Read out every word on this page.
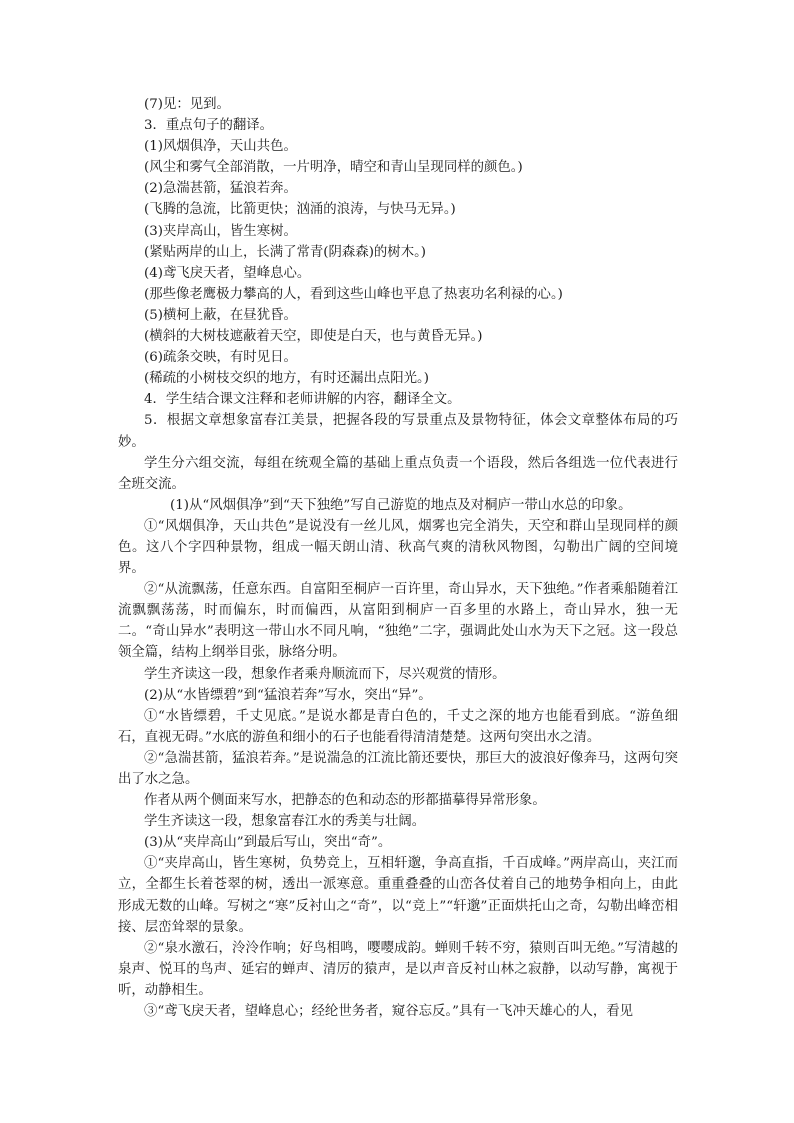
(7)见：见到。

3．重点句子的翻译。

(1)风烟俱净，天山共色。

(风尘和雾气全部消散，一片明净，晴空和青山呈现同样的颜色。)

(2)急湍甚箭，猛浪若奔。

(飞腾的急流，比箭更快；汹涌的浪涛，与快马无异。)

(3)夹岸高山，皆生寒树。

(紧贴两岸的山上，长满了常青(阴森森)的树木。)

(4)鸢飞戾天者，望峰息心。

(那些像老鹰极力攀高的人，看到这些山峰也平息了热衷功名利禄的心。)

(5)横柯上蔽，在昼犹昏。

(横斜的大树枝遮蔽着天空，即使是白天，也与黄昏无异。)

(6)疏条交映，有时见日。

(稀疏的小树枝交织的地方，有时还漏出点阳光。)

4．学生结合课文注释和老师讲解的内容，翻译全文。

5．根据文章想象富春江美景，把握各段的写景重点及景物特征，体会文章整体布局的巧妙。

学生分六组交流，每组在统观全篇的基础上重点负责一个语段，然后各组选一位代表进行全班交流。

(1)从“风烟俱净”到“天下独绝”写自己游览的地点及对桐庐一带山水总的印象。

①“风烟俱净，天山共色”是说没有一丝儿风，烟雾也完全消失，天空和群山呈现同样的颜色。这八个字四种景物，组成一幅天朗山清、秋高气爽的清秋风物图，勾勒出广阔的空间境界。

②“从流飘荡，任意东西。自富阳至桐庐一百许里，奇山异水，天下独绝。”作者乘船随着江流飘飘荡荡，时而偏东，时而偏西，从富阳到桐庐一百多里的水路上，奇山异水，独一无二。“奇山异水”表明这一带山水不同凡响，“独绝”二字，强调此处山水为天下之冠。这一段总领全篇，结构上纲举目张，脉络分明。

学生齐读这一段，想象作者乘舟顺流而下，尽兴观赏的情形。

(2)从“水皆缥碧”到“猛浪若奔”写水，突出“异”。

①“水皆缥碧，千丈见底。”是说水都是青白色的，千丈之深的地方也能看到底。“游鱼细石，直视无碍。”水底的游鱼和细小的石子也能看得清清楚楚。这两句突出水之清。

②“急湍甚箭，猛浪若奔。”是说湍急的江流比箭还要快，那巨大的波浪好像奔马，这两句突出了水之急。

作者从两个侧面来写水，把静态的色和动态的形都描摹得异常形象。

学生齐读这一段，想象富春江水的秀美与壮阔。

(3)从“夹岸高山”到最后写山，突出“奇”。

①“夹岸高山，皆生寒树，负势竞上，互相轩邈，争高直指，千百成峰。”两岸高山，夹江而立，全都生长着苍翠的树，透出一派寒意。重重叠叠的山峦各仗着自己的地势争相向上，由此形成无数的山峰。写树之“寒”反衬山之“奇”，以“竞上”“轩邈”正面烘托山之奇，勾勒出峰峦相接、层峦耸翠的景象。

②“泉水激石，泠泠作响；好鸟相鸣，嘤嘤成韵。蝉则千转不穷，猿则百叫无绝。”写清越的泉声、悦耳的鸟声、延宕的蝉声、清厉的猿声，是以声音反衬山林之寂静，以动写静，寓视于听，动静相生。

③“鸢飞戾天者，望峰息心；经纶世务者，窥谷忘反。”具有一飞冲天雄心的人，看见
